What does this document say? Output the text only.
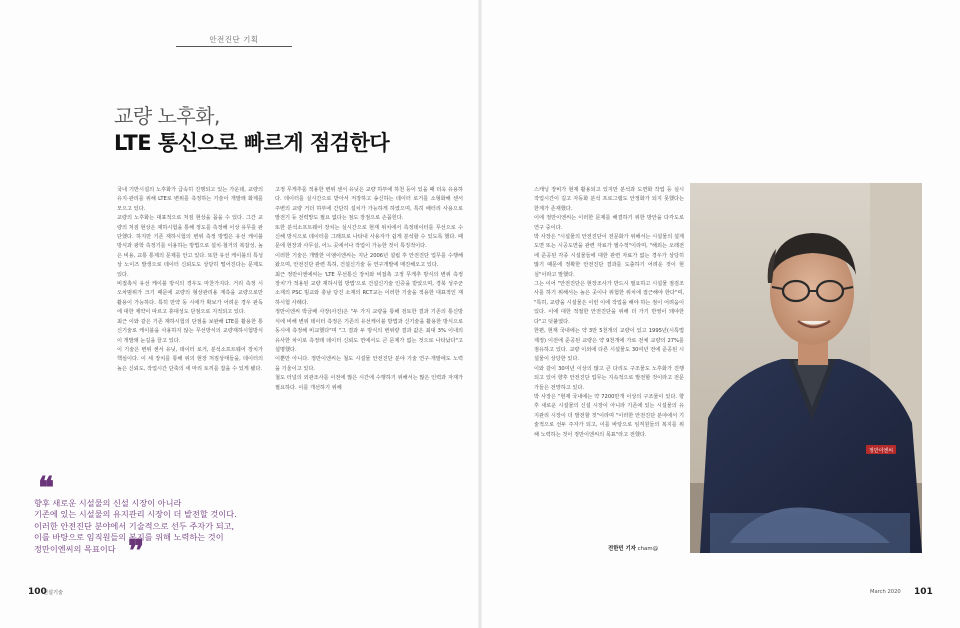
안전진단 기획
교량 노후화,
LTE 통신으로 빠르게 점검한다

국내 기반시설의 노후화가 급속히 진행되고 있는 가운데, 교량의 유지·관리를 위해 LTE로 변위를 측정하는 기술이 개발돼 화제를 모으고 있다.

교량의 노후화는 대표적으로 처짐 현상을 꼽을 수 있다. 그간 교량의 처짐 현상은 재하시험을 통해 정도를 측정해 이상 유무를 판단했다. 하지만 기존 재하시험의 변위 측정 방법은 유선 케이블 방식과 광학 측정기를 이용하는 방법으로 설치·철거의 복잡성, 높은 비용, 교통 통제의 문제를 안고 있다. 또한 유선 케이블의 특성상 노이즈 발생으로 데이터 신뢰도도 상당히 떨어진다는 문제도 있다.

비접촉식 유선 케이블 방식의 경우도 마찬가지다. 거리 측정 시 오차범위가 크기 때문에 교량의 형상관리용 계측을 교량으로만 활용이 가능하다. 특히 만약 동 시에가 확보가 어려운 경우 판독에 대한 제약이 따르고 휴대성도 단점으로 지적되고 있다.

최근 이와 같은 기존 재하시험의 단점을 보완해 LTE를 활용한 통신기술로 케이블을 사용하지 않는 무선방식의 교량재하시험방식이 개발돼 눈길을 끌고 있다.

이 기술은 변위 센서 유닛, 데이터 로거, 분석소프트웨어 장치가 핵심이다. 이 세 장치를 통해 위의 현장 처짐상태들을, 데이터의 높은 신뢰도, 작업시간 단축의 세 마리 토끼를 잡을 수 있게 됐다.

고정 무게추를 적용한 변위 센서 유닛은 교량 하부에 하천 등이 있을 때 더욱 유용하다. 데이터를 실시간으로 받아서 저장하고 송신하는 데이터 로거를 소형화해 센서 주변의 교량 거더 하부에 간단히 설치가 가능하게 하였으며, 특히 배터리 사용으로 발전기 등 전력망도 필요 없다는 점도 장점으로 손꼽힌다.

또한 분석소프트웨어 장치는 실시간으로 현재 위치에서 측정데이터를 무선으로 수신해 방식으로 데이터를 그래프로 나타내 사용자가 쉽게 분석할 수 있도록 했다. 때문에 현장과 사무실, 어느 곳에서나 작업이 가능한 것이 특징적이다.

이러한 기술은 개발한 이엠이엔씨는 지난 2006년 설립 후 안전진단 업무를 수행해 왔으며, 안전진단 관련 특허, 건설신기술 등 연구개발에 매진해오고 있다.

최근 정만이엔에씨는 'LTE 무선통신 장치와 비접촉 고정 무게추 방식의 변위 측정 장치'가 적용된 교량 재하시험 방법'으로 건설신기술 인증을 받았으며, 경북 성주군 소재의 PSC 빔교와 충남 당진 소재의 RCT교는 이러한 기술을 적용한 대표적인 재하시험 사례다.

정만이엔씨 박금배 사장(사진)은 "두 가지 교량을 통해 검토한 결과 기존의 통신방식에 비해 변위 데이터 측정은 기존의 유선케이블 방법과 신기술을 활용한 방식으로 동시에 측정해 비교했다"며 "그 결과 두 방식의 변위량 결과 값은 최대 3% 이내의 유사한 차이로 측정돼 데이터 신뢰도 면에서도 큰 문제가 없는 것으로 나타났다"고 설명했다.

이뿐만 아니다. 정만이엔씨는 철도 시설물 안전진단 분야 기술 연구·개발에도 노력을 기울이고 있다.

철도 터널의 외관조사를 이전에 많은 시간에 수행하기 위해서는 많은 인력과 자재가 필요하다. 이를 개선하기 위해

스캐닝 장비가 현재 활용되고 있지만 분석과 도면화 작업 등 실시 작업시간이 길고 자동화 분석 프로그램도 안정화가 되지 못했다는 한계가 존재했다.

이에 정만이엔씨는 이러한 문제를 해결하기 위한 방안을 다각도로 연구 중이다.

박 사장은 "시설물의 안전진단이 전문화가 위해서는 시설물의 설계도면 또는 시공도면을 관련 자료가 필수적"이라며, "해외는 오래전에 준공된 각종 시설물들에 대한 관련 자료가 없는 경우가 상당히 많기 때문에 정확한 안전진단 결과를 도출하기 어려운 것이 현실"이라고 말했다.

그는 이어 "안전진단은 현장조사가 반드시 필요하고 시설물 점검조사를 하기 위해서는 높은 곳이나 위험한 위치에 접근해야 한다"며, "특히, 교량을 시설물은 이런 이에 작업을 해야 하는 점이 어려움이 있다. 이에 대한 적절한 안전진단을 위해 더 가기 반영이 돼야한다"고 덧붙였다.

한편, 현재 국내에는 약 3만 5천개의 교량이 있고 1995년(시특법 제정) 이전에 준공된 교량은 약 9천개에 가로 전체 교량의 27%를 점유하고 있다. 교량 이외에 다른 시설물도 30여년 전에 준공된 시설물이 상당한 있다.

이와 같이 30여년 이상의 많고 큰 다리도 구조물도 노후화가 진행되고 있어 향후 안전진단 업무는 지속적으로 발전할 것이라고 전문가들은 전망하고 있다.

박 사장은 "현재 국내에는 약 7200만개 이상의 구조물이 있다. 향후 새로운 시설물의 신설 시장이 아니라 기존에 있는 시설물의 유지관리 시장이 더 발전할 것"이라며 "이러한 안전진단 분야에서 기술적으로 선두 주자가 되고, 이를 바탕으로 임직원들의 복지를 위해 노력하는 것이 정만이엔씨의 목표"라고 전했다.

❝
향후 새로운 시설물의 신설 시장이 아니라
기존에 있는 시설물의 유지관리 시장이 더 발전할 것이다.
이러한 안전진단 분야에서 기술적으로 선두 주자가 되고,
이를 바탕으로 임직원들의 복지를 위해 노력하는 것이
정만이엔씨의 목표이다 ❞
정만이엔씨
전한민 기자 cham@
100
건설기술	March 2020 101
